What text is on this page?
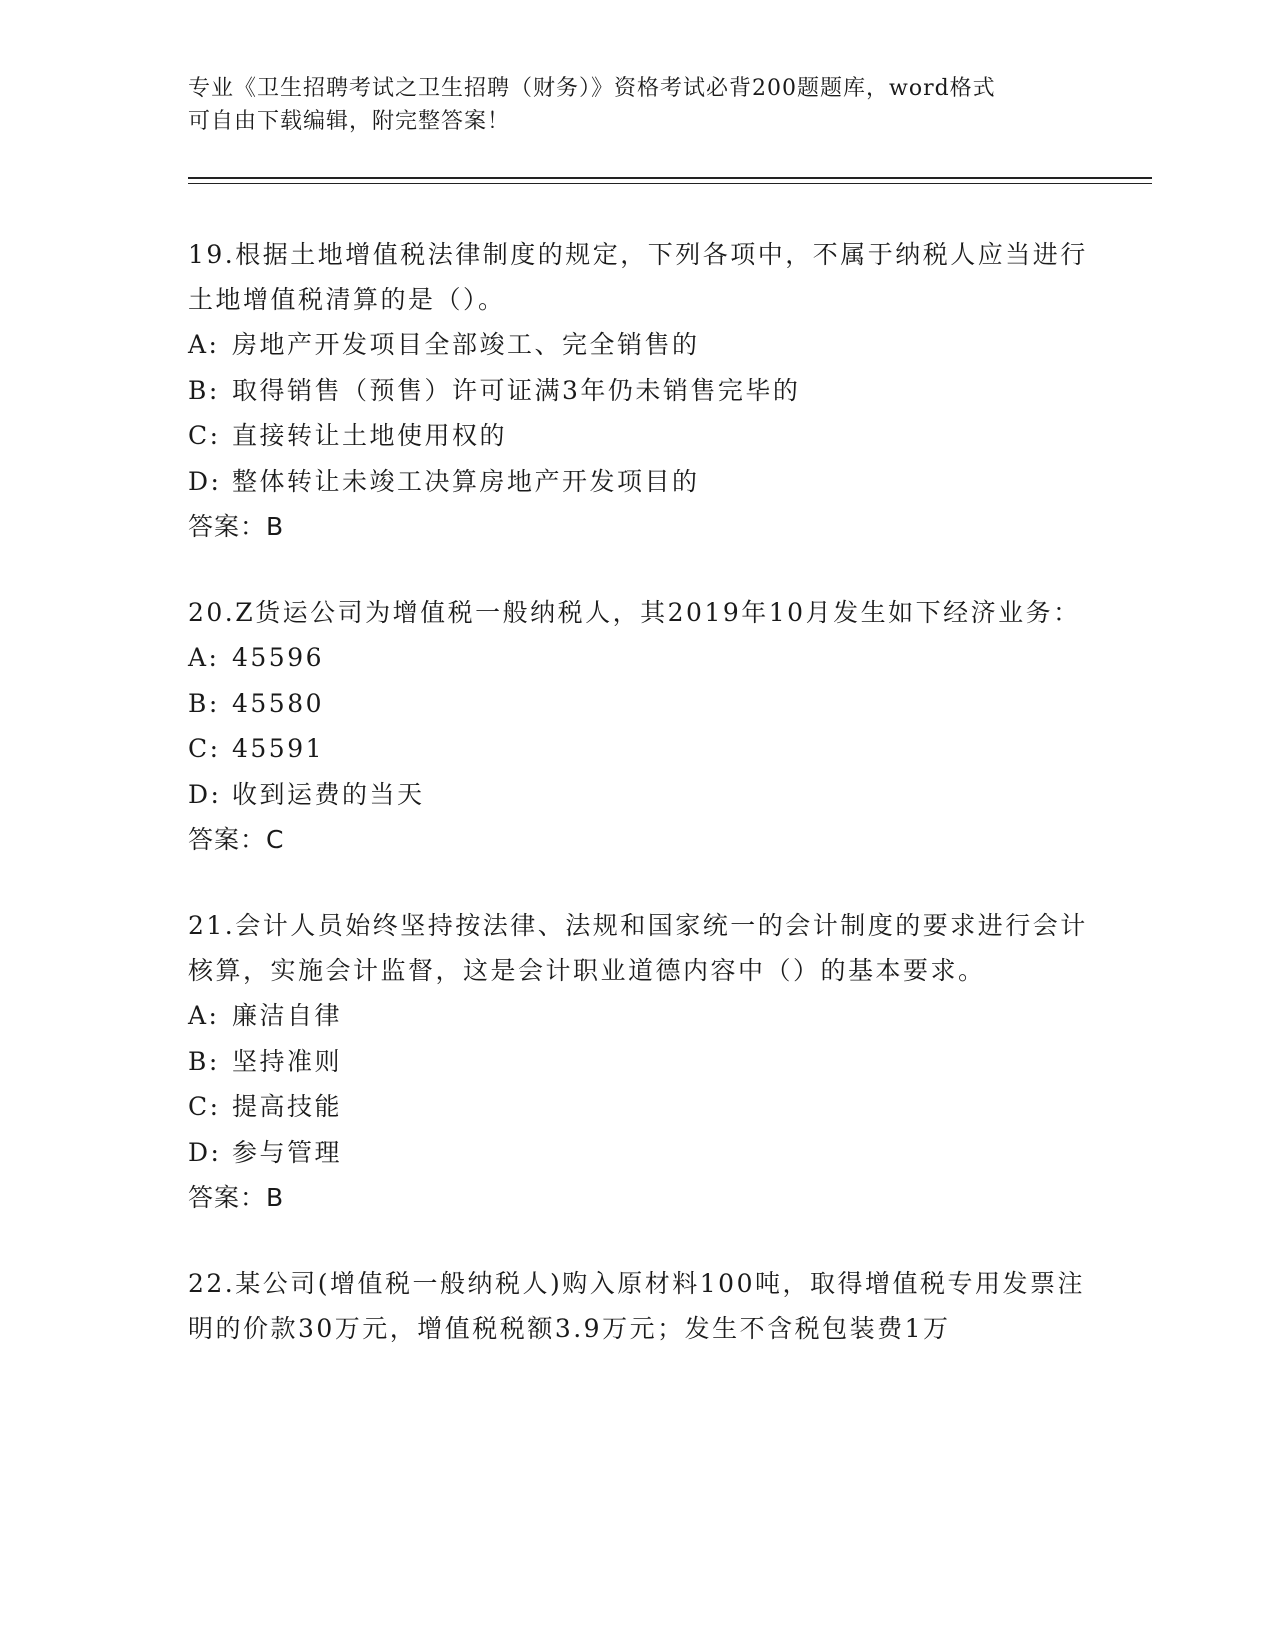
专业《卫生招聘考试之卫生招聘（财务）》资格考试必背200题题库，word格式
可自由下载编辑，附完整答案！
19.根据土地增值税法律制度的规定，下列各项中，不属于纳税人应当进行土地增值税清算的是（）。
A: 房地产开发项目全部竣工、完全销售的
B: 取得销售（预售）许可证满3年仍未销售完毕的
C: 直接转让土地使用权的
D: 整体转让未竣工决算房地产开发项目的
答案：B
20.Z货运公司为增值税一般纳税人，其2019年10月发生如下经济业务：
A: 45596
B: 45580
C: 45591
D: 收到运费的当天
答案：C
21.会计人员始终坚持按法律、法规和国家统一的会计制度的要求进行会计核算，实施会计监督，这是会计职业道德内容中（）的基本要求。
A: 廉洁自律
B: 坚持准则
C: 提高技能
D: 参与管理
答案：B
22.某公司(增值税一般纳税人)购入原材料100吨，取得增值税专用发票注明的价款30万元，增值税税额3.9万元；发生不含税包装费1万
